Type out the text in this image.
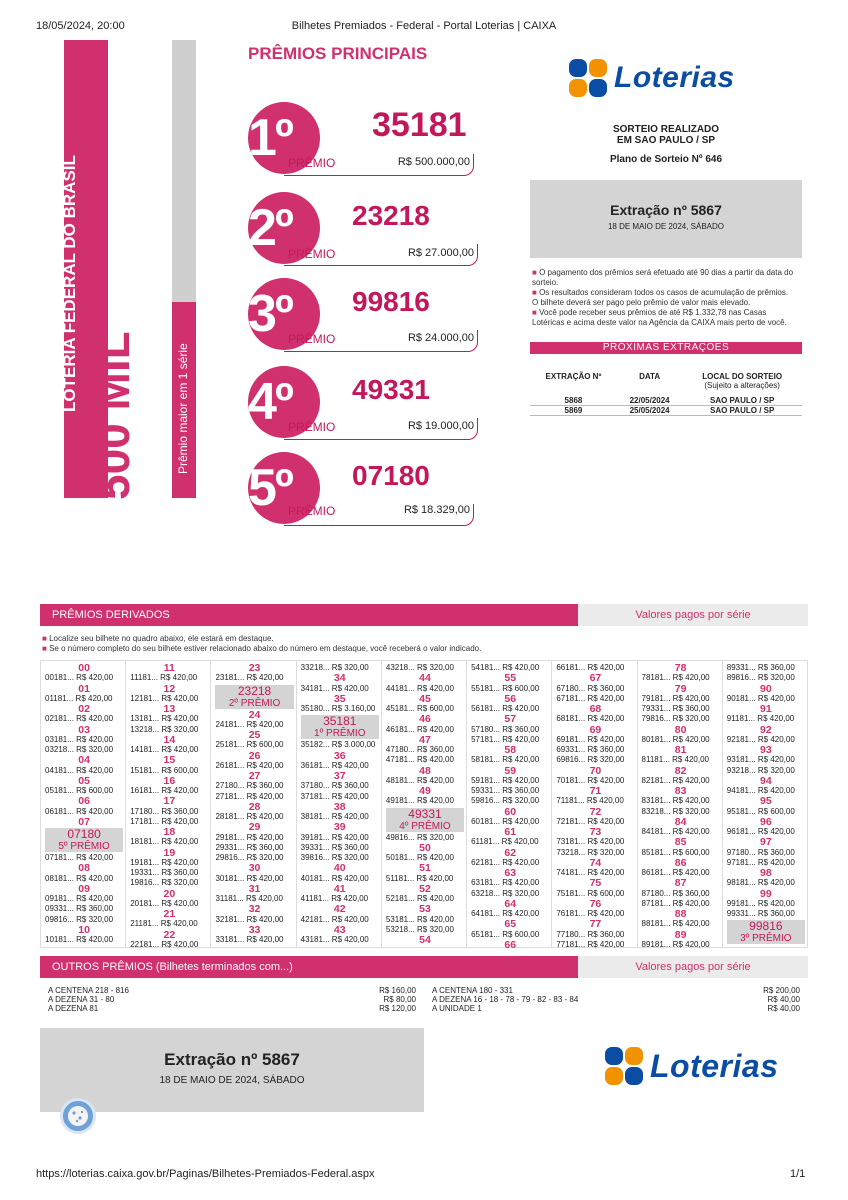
18/05/2024, 20:00	Bilhetes Premiados - Federal - Portal Loterias | CAIXA
LOTERIA FEDERAL DO BRASIL
500 MIL	Prêmio maior em 1 série
PRÊMIOS PRINCIPAIS
1º 35181
PRÊMIO	R$ 500.000,00
2º 23218
PRÊMIO	R$ 27.000,00
3º 99816
PRÊMIO	R$ 24.000,00
4º 49331
PRÊMIO	R$ 19.000,00
5º 07180
PRÊMIO	R$ 18.329,00
Loterias
SORTEIO REALIZADO
EM SAO PAULO / SP
Plano de Sorteio Nº 646
Extração nº 5867
18 DE MAIO DE 2024, SÁBADO
■ O pagamento dos prêmios será efetuado até 90 dias a partir da data do sorteio.
■ Os resultados consideram todos os casos de acumulação de prêmios. O bilhete deverá ser pago pelo prêmio de valor mais elevado.
■ Você pode receber seus prêmios de até R$ 1.332,78 nas Casas Lotéricas e acima deste valor na Agência da CAIXA mais perto de você.
PRÓXIMAS EXTRAÇÕES
EXTRAÇÃO Nº	DATA	LOCAL DO SORTEIO
(Sujeito a alterações)

5868	22/05/2024	SAO PAULO / SP
5869	25/05/2024	SAO PAULO / SP
PRÊMIOS DERIVADOS	Valores pagos por série
■ Localize seu bilhete no quadro abaixo, ele estará em destaque.
■ Se o número completo do seu bilhete estiver relacionado abaixo do número em destaque, você receberá o valor indicado.
00
00181... R$ 420,00
01
01181... R$ 420,00
02
02181... R$ 420,00
03
03181... R$ 420,00
03218... R$ 320,00
04
04181... R$ 420,00
05
05181... R$ 600,00
06
06181... R$ 420,00
07
07180
5º PRÊMIO
07181... R$ 420,00
08
08181... R$ 420,00
09
09181... R$ 420,00
09331... R$ 360,00
09816... R$ 320,00
10
10181... R$ 420,00
11
11181... R$ 420,00
12
12181... R$ 420,00
13
13181... R$ 420,00
13218... R$ 320,00
14
14181... R$ 420,00
15
15181... R$ 600,00
16
16181... R$ 420,00
17
17180... R$ 360,00
17181... R$ 420,00
18
18181... R$ 420,00
19
19181... R$ 420,00
19331... R$ 360,00
19816... R$ 320,00
20
20181... R$ 420,00
21
21181... R$ 420,00
22
22181... R$ 420,00
23
23181... R$ 420,00
23218
2º PRÊMIO
24
24181... R$ 420,00
25
25181... R$ 600,00
26
26181... R$ 420,00
27
27180... R$ 360,00
27181... R$ 420,00
28
28181... R$ 420,00
29
29181... R$ 420,00
29331... R$ 360,00
29816... R$ 320,00
30
30181... R$ 420,00
31
31181... R$ 420,00
32
32181... R$ 420,00
33
33181... R$ 420,00
33218... R$ 320,00
34
34181... R$ 420,00
35
35180... R$ 3.160,00
35181
1º PRÊMIO
35182... R$ 3.000,00
36
36181... R$ 420,00
37
37180... R$ 360,00
37181... R$ 420,00
38
38181... R$ 420,00
39
39181... R$ 420,00
39331... R$ 360,00
39816... R$ 320,00
40
40181... R$ 420,00
41
41181... R$ 420,00
42
42181... R$ 420,00
43
43181... R$ 420,00
43218... R$ 320,00
44
44181... R$ 420,00
45
45181... R$ 600,00
46
46181... R$ 420,00
47
47180... R$ 360,00
47181... R$ 420,00
48
48181... R$ 420,00
49
49181... R$ 420,00
49331
4º PRÊMIO
49816... R$ 320,00
50
50181... R$ 420,00
51
51181... R$ 420,00
52
52181... R$ 420,00
53
53181... R$ 420,00
53218... R$ 320,00
54
54181... R$ 420,00
55
55181... R$ 600,00
56
56181... R$ 420,00
57
57180... R$ 360,00
57181... R$ 420,00
58
58181... R$ 420,00
59
59181... R$ 420,00
59331... R$ 360,00
59816... R$ 320,00
60
60181... R$ 420,00
61
61181... R$ 420,00
62
62181... R$ 420,00
63
63181... R$ 420,00
63218... R$ 320,00
64
64181... R$ 420,00
65
65181... R$ 600,00
66
66181... R$ 420,00
67
67180... R$ 360,00
67181... R$ 420,00
68
68181... R$ 420,00
69
69181... R$ 420,00
69331... R$ 360,00
69816... R$ 320,00
70
70181... R$ 420,00
71
71181... R$ 420,00
72
72181... R$ 420,00
73
73181... R$ 420,00
73218... R$ 320,00
74
74181... R$ 420,00
75
75181... R$ 600,00
76
76181... R$ 420,00
77
77180... R$ 360,00
77181... R$ 420,00
78
78181... R$ 420,00
79
79181... R$ 420,00
79331... R$ 360,00
79816... R$ 320,00
80
80181... R$ 420,00
81
81181... R$ 420,00
82
82181... R$ 420,00
83
83181... R$ 420,00
83218... R$ 320,00
84
84181... R$ 420,00
85
85181... R$ 600,00
86
86181... R$ 420,00
87
87180... R$ 360,00
87181... R$ 420,00
88
88181... R$ 420,00
89
89181... R$ 420,00
89331... R$ 360,00
89816... R$ 320,00
90
90181... R$ 420,00
91
91181... R$ 420,00
92
92181... R$ 420,00
93
93181... R$ 420,00
93218... R$ 320,00
94
94181... R$ 420,00
95
95181... R$ 600,00
96
96181... R$ 420,00
97
97180... R$ 360,00
97181... R$ 420,00
98
98181... R$ 420,00
99
99181... R$ 420,00
99331... R$ 360,00
99816
3º PRÊMIO
OUTROS PRÊMIOS (Bilhetes terminados com...)	Valores pagos por série
A CENTENA 218 - 816	R$ 160,00
A DEZENA 31 - 80	R$ 80,00
A DEZENA 81	R$ 120,00
A CENTENA 180 - 331	R$ 200,00
A DEZENA 16 - 18 - 78 - 79 - 82 - 83 - 84	R$ 40,00
A UNIDADE 1	R$ 40,00
Extração nº 5867
18 DE MAIO DE 2024, SÁBADO	Loterias
https://loterias.caixa.gov.br/Paginas/Bilhetes-Premiados-Federal.aspx	1/1
